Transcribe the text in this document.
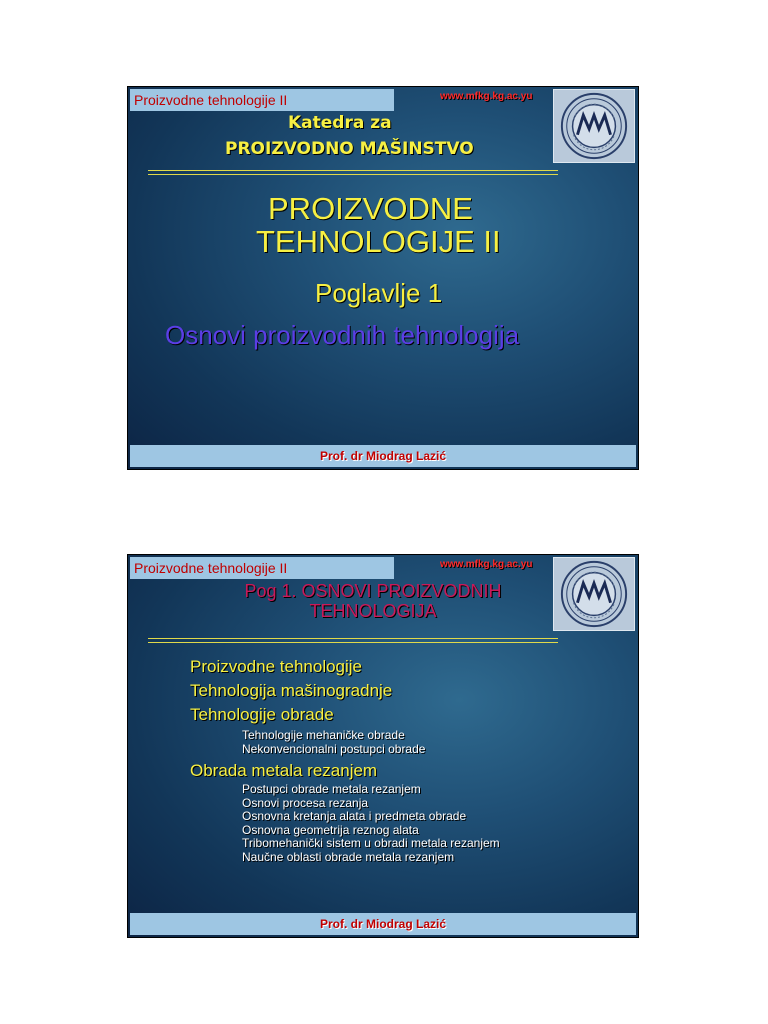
Proizvodne tehnologije II	www.mfkg.kg.ac.yu
Katedra za
PROIZVODNO MAŠINSTVO
PROIZVODNE
TEHNOLOGIJE II
Poglavlje 1
Osnovi proizvodnih tehnologija
Prof. dr Miodrag Lazić
Proizvodne tehnologije II	www.mfkg.kg.ac.yu
Pog 1. OSNOVI PROIZVODNIH
TEHNOLOGIJA
Proizvodne tehnologije
Tehnologija mašinogradnje
Tehnologije obrade
Tehnologije mehaničke obrade
Nekonvencionalni postupci obrade
Obrada metala rezanjem
Postupci obrade metala rezanjem
Osnovi procesa rezanja
Osnovna kretanja alata i predmeta obrade
Osnovna geometrija reznog alata
Tribomehanički sistem u obradi metala rezanjem
Naučne oblasti obrade metala rezanjem
Prof. dr Miodrag Lazić
